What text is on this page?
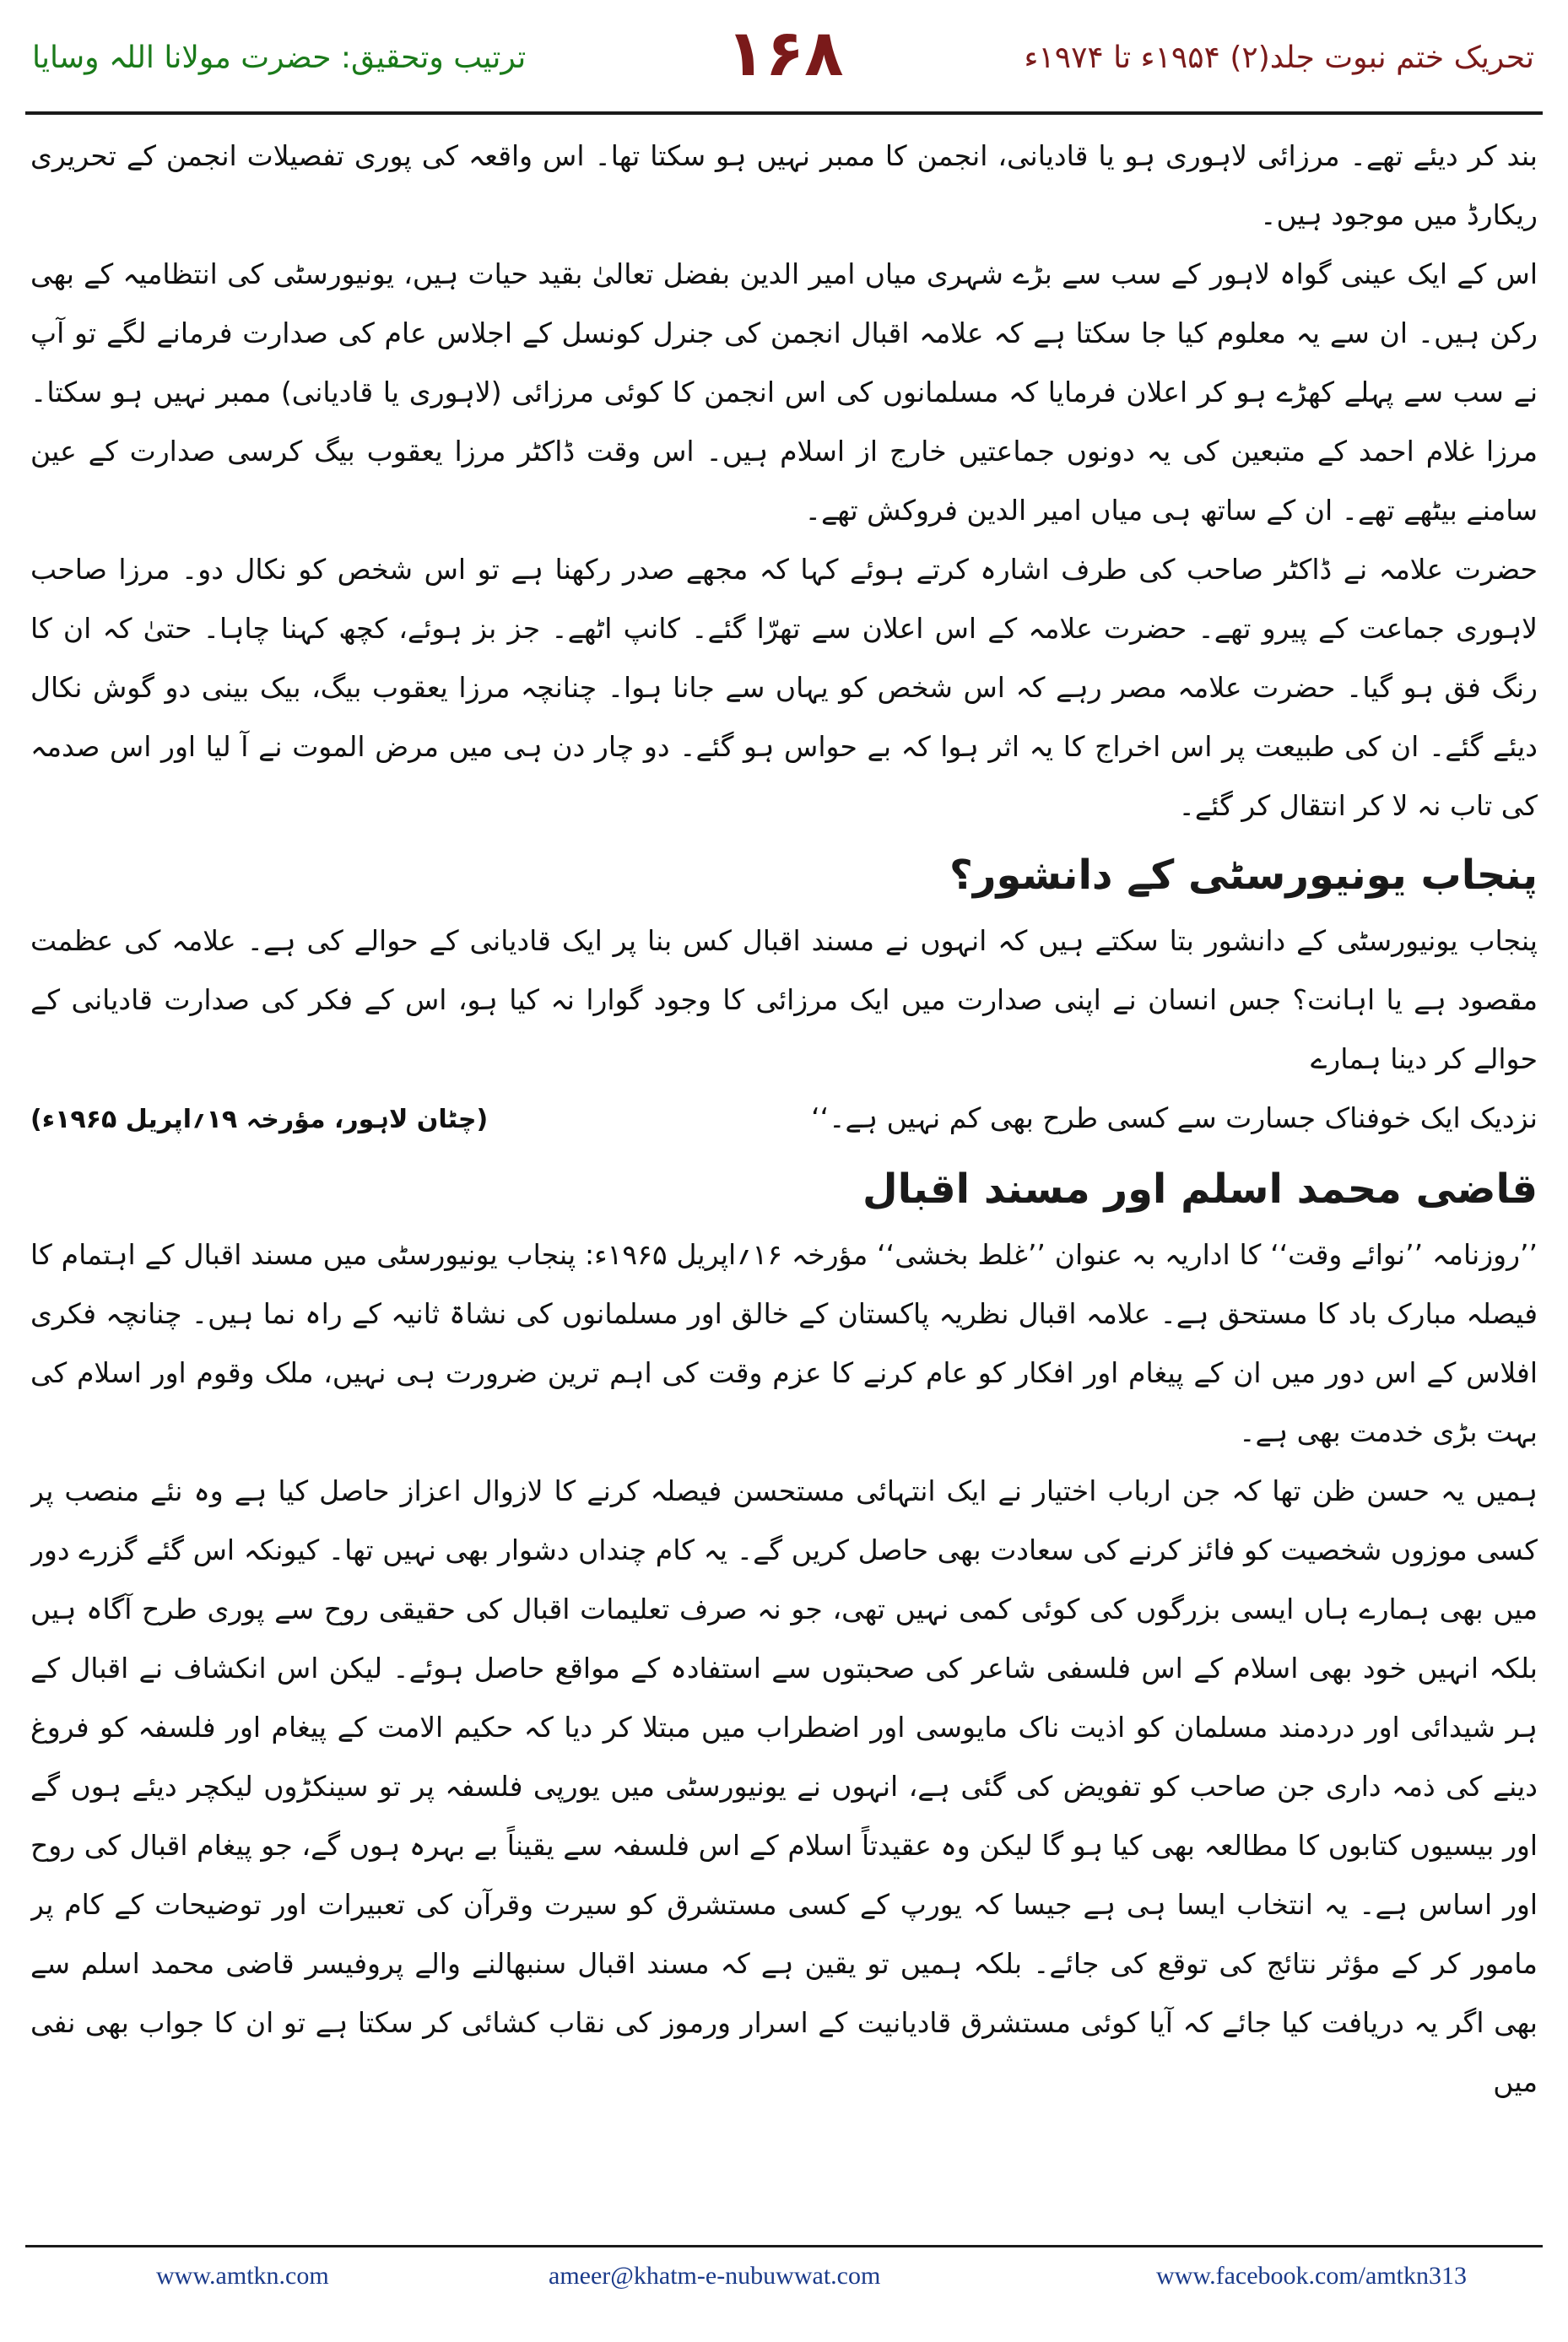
تحریک ختم نبوت جلد(۲) ۱۹۵۴ء تا ۱۹۷۴ء
۱۶۸
ترتیب وتحقیق: حضرت مولانا اللہ وسایا

بند کر دیئے تھے۔ مرزائی لاہوری ہو یا قادیانی، انجمن کا ممبر نہیں ہو سکتا تھا۔ اس واقعہ کی پوری تفصیلات انجمن کے تحریری ریکارڈ میں موجود ہیں۔

اس کے ایک عینی گواہ لاہور کے سب سے بڑے شہری میاں امیر الدین بفضل تعالیٰ بقید حیات ہیں، یونیورسٹی کی انتظامیہ کے بھی رکن ہیں۔ ان سے یہ معلوم کیا جا سکتا ہے کہ علامہ اقبال انجمن کی جنرل کونسل کے اجلاس عام کی صدارت فرمانے لگے تو آپ نے سب سے پہلے کھڑے ہو کر اعلان فرمایا کہ مسلمانوں کی اس انجمن کا کوئی مرزائی (لاہوری یا قادیانی) ممبر نہیں ہو سکتا۔ مرزا غلام احمد کے متبعین کی یہ دونوں جماعتیں خارج از اسلام ہیں۔ اس وقت ڈاکٹر مرزا یعقوب بیگ کرسی صدارت کے عین سامنے بیٹھے تھے۔ ان کے ساتھ ہی میاں امیر الدین فروکش تھے۔

حضرت علامہ نے ڈاکٹر صاحب کی طرف اشارہ کرتے ہوئے کہا کہ مجھے صدر رکھنا ہے تو اس شخص کو نکال دو۔ مرزا صاحب لاہوری جماعت کے پیرو تھے۔ حضرت علامہ کے اس اعلان سے تھرّا گئے۔ کانپ اٹھے۔ جز بز ہوئے، کچھ کہنا چاہا۔ حتیٰ کہ ان کا رنگ فق ہو گیا۔ حضرت علامہ مصر رہے کہ اس شخص کو یہاں سے جانا ہوا۔ چنانچہ مرزا یعقوب بیگ، بیک بینی دو گوش نکال دیئے گئے۔ ان کی طبیعت پر اس اخراج کا یہ اثر ہوا کہ بے حواس ہو گئے۔ دو چار دن ہی میں مرض الموت نے آ لیا اور اس صدمہ کی تاب نہ لا کر انتقال کر گئے۔

پنجاب یونیورسٹی کے دانشور؟

پنجاب یونیورسٹی کے دانشور بتا سکتے ہیں کہ انہوں نے مسند اقبال کس بنا پر ایک قادیانی کے حوالے کی ہے۔ علامہ کی عظمت مقصود ہے یا اہانت؟ جس انسان نے اپنی صدارت میں ایک مرزائی کا وجود گوارا نہ کیا ہو، اس کے فکر کی صدارت قادیانی کے حوالے کر دینا ہمارے

نزدیک ایک خوفناک جسارت سے کسی طرح بھی کم نہیں ہے۔‘‘
(چٹان لاہور، مؤرخہ ۱۹؍اپریل ۱۹۶۵ء)
قاضی محمد اسلم اور مسند اقبال

’’روزنامہ ’’نوائے وقت‘‘ کا اداریہ بہ عنوان ’’غلط بخشی‘‘ مؤرخہ ۱۶؍اپریل ۱۹۶۵ء: پنجاب یونیورسٹی میں مسند اقبال کے اہتمام کا فیصلہ مبارک باد کا مستحق ہے۔ علامہ اقبال نظریہ پاکستان کے خالق اور مسلمانوں کی نشاۃ ثانیہ کے راہ نما ہیں۔ چنانچہ فکری افلاس کے اس دور میں ان کے پیغام اور افکار کو عام کرنے کا عزم وقت کی اہم ترین ضرورت ہی نہیں، ملک وقوم اور اسلام کی بہت بڑی خدمت بھی ہے۔

ہمیں یہ حسن ظن تھا کہ جن ارباب اختیار نے ایک انتہائی مستحسن فیصلہ کرنے کا لازوال اعزاز حاصل کیا ہے وہ نئے منصب پر کسی موزوں شخصیت کو فائز کرنے کی سعادت بھی حاصل کریں گے۔ یہ کام چنداں دشوار بھی نہیں تھا۔ کیونکہ اس گئے گزرے دور میں بھی ہمارے ہاں ایسی بزرگوں کی کوئی کمی نہیں تھی، جو نہ صرف تعلیمات اقبال کی حقیقی روح سے پوری طرح آگاہ ہیں بلکہ انہیں خود بھی اسلام کے اس فلسفی شاعر کی صحبتوں سے استفادہ کے مواقع حاصل ہوئے۔ لیکن اس انکشاف نے اقبال کے ہر شیدائی اور دردمند مسلمان کو اذیت ناک مایوسی اور اضطراب میں مبتلا کر دیا کہ حکیم الامت کے پیغام اور فلسفہ کو فروغ دینے کی ذمہ داری جن صاحب کو تفویض کی گئی ہے، انہوں نے یونیورسٹی میں یورپی فلسفہ پر تو سینکڑوں لیکچر دیئے ہوں گے اور بیسیوں کتابوں کا مطالعہ بھی کیا ہو گا لیکن وہ عقیدتاً اسلام کے اس فلسفہ سے یقیناً بے بہرہ ہوں گے، جو پیغام اقبال کی روح اور اساس ہے۔ یہ انتخاب ایسا ہی ہے جیسا کہ یورپ کے کسی مستشرق کو سیرت وقرآن کی تعبیرات اور توضیحات کے کام پر مامور کر کے مؤثر نتائج کی توقع کی جائے۔ بلکہ ہمیں تو یقین ہے کہ مسند اقبال سنبھالنے والے پروفیسر قاضی محمد اسلم سے بھی اگر یہ دریافت کیا جائے کہ آیا کوئی مستشرق قادیانیت کے اسرار ورموز کی نقاب کشائی کر سکتا ہے تو ان کا جواب بھی نفی میں

www.amtkn.com	ameer@khatm-e-nubuwwat.com	www.facebook.com/amtkn313
